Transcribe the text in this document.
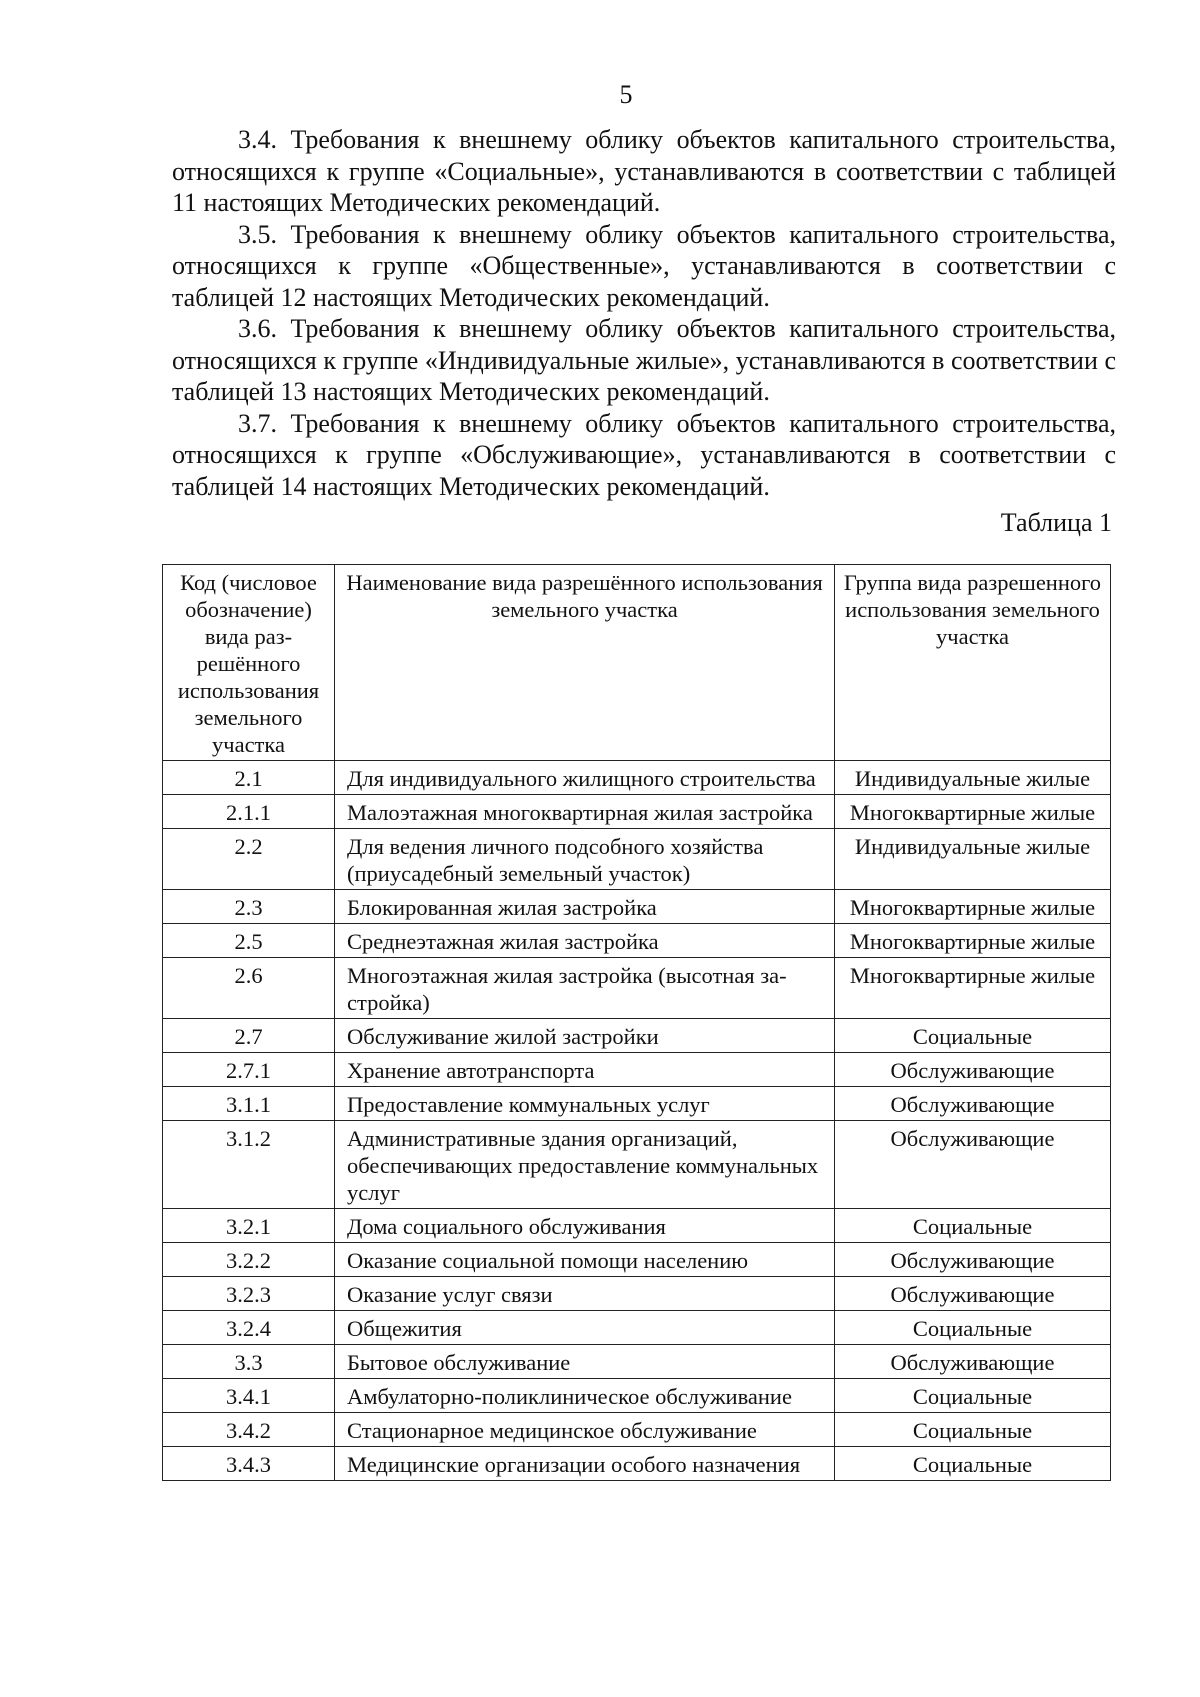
5

3.4. Требования к внешнему облику объектов капитального строительства, относящихся к группе «Социальные», устанавливаются в соответствии с таблицей 11 настоящих Методических рекомендаций.

3.5. Требования к внешнему облику объектов капитального строительства, относящихся к группе «Общественные», устанавливаются в соответствии с таблицей 12 настоящих Методических рекомендаций.

3.6. Требования к внешнему облику объектов капитального строительства, относящихся к группе «Индивидуальные жилые», устанавливаются в соответствии с таблицей 13 настоящих Методических рекомендаций.

3.7. Требования к внешнему облику объектов капитального строительства, относящихся к группе «Обслуживающие», устанавливаются в соответствии с таблицей 14 настоящих Методических рекомендаций.

Таблица 1
Код (числовое обозначение) вида разрешённого использования земельного участка	Наименование вида разрешённого использования земельного участка	Группа вида разрешенного использования земельного участка
2.1	Для индивидуального жилищного строительства	Индивидуальные жилые
2.1.1	Малоэтажная многоквартирная жилая застройка	Многоквартирные жилые
2.2	Для ведения личного подсобного хозяйства (приусадебный земельный участок)	Индивидуальные жилые
2.3	Блокированная жилая застройка	Многоквартирные жилые
2.5	Среднеэтажная жилая застройка	Многоквартирные жилые
2.6	Многоэтажная жилая застройка (высотная застройка)	Многоквартирные жилые
2.7	Обслуживание жилой застройки	Социальные
2.7.1	Хранение автотранспорта	Обслуживающие
3.1.1	Предоставление коммунальных услуг	Обслуживающие
3.1.2	Административные здания организаций, обеспечивающих предоставление коммунальных услуг	Обслуживающие
3.2.1	Дома социального обслуживания	Социальные
3.2.2	Оказание социальной помощи населению	Обслуживающие
3.2.3	Оказание услуг связи	Обслуживающие
3.2.4	Общежития	Социальные
3.3	Бытовое обслуживание	Обслуживающие
3.4.1	Амбулаторно-поликлиническое обслуживание	Социальные
3.4.2	Стационарное медицинское обслуживание	Социальные
3.4.3	Медицинские организации особого назначения	Социальные
